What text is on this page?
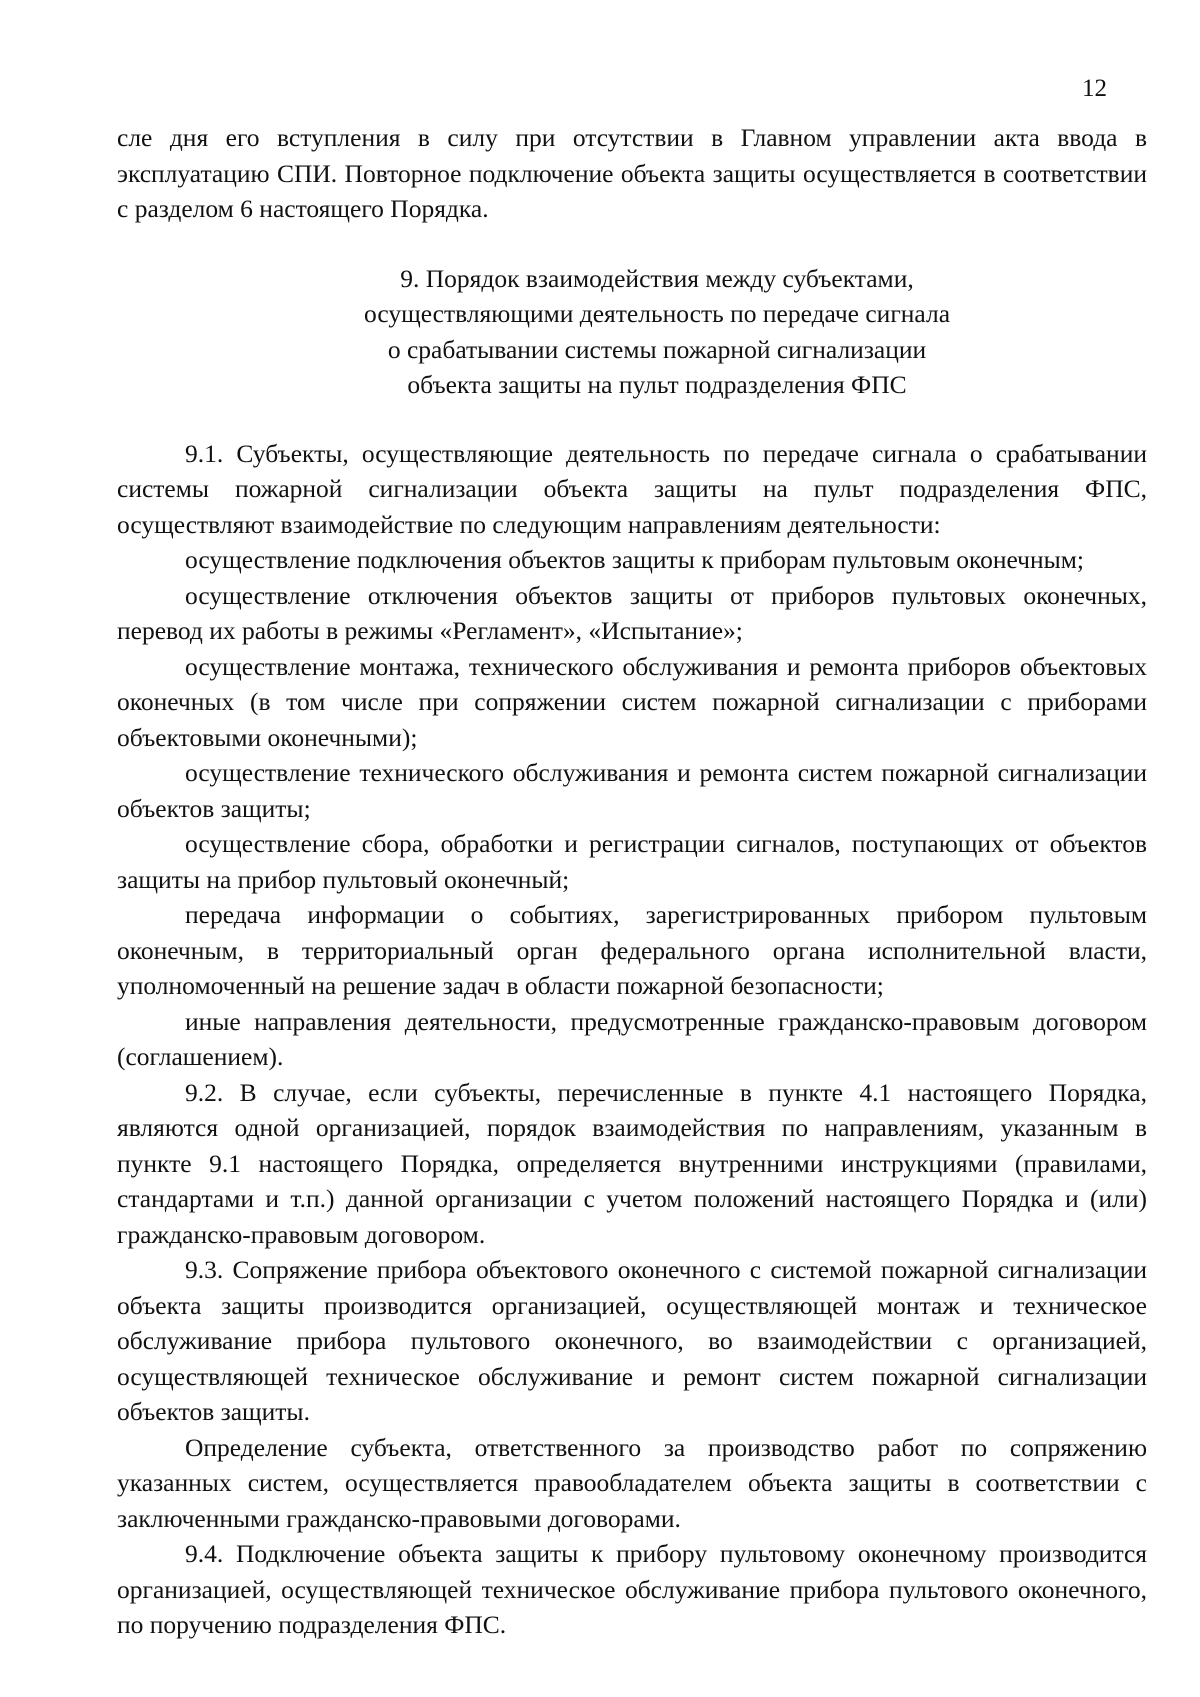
12

сле дня его вступления в силу при отсутствии в Главном управлении акта ввода в эксплуатацию СПИ. Повторное подключение объекта защиты осуществляется в соответствии с разделом 6 настоящего Порядка.

9. Порядок взаимодействия между субъектами,
осуществляющими деятельность по передаче сигнала
о срабатывании системы пожарной сигнализации
объекта защиты на пульт подразделения ФПС

9.1. Субъекты, осуществляющие деятельность по передаче сигнала о срабатывании системы пожарной сигнализации объекта защиты на пульт подразделения ФПС, осуществляют взаимодействие по следующим направлениям деятельности:

осуществление подключения объектов защиты к приборам пультовым оконечным;

осуществление отключения объектов защиты от приборов пультовых оконечных, перевод их работы в режимы «Регламент», «Испытание»;

осуществление монтажа, технического обслуживания и ремонта приборов объектовых оконечных (в том числе при сопряжении систем пожарной сигнализации с приборами объектовыми оконечными);

осуществление технического обслуживания и ремонта систем пожарной сигнализации объектов защиты;

осуществление сбора, обработки и регистрации сигналов, поступающих от объектов защиты на прибор пультовый оконечный;

передача информации о событиях, зарегистрированных прибором пультовым оконечным, в территориальный орган федерального органа исполнительной власти, уполномоченный на решение задач в области пожарной безопасности;

иные направления деятельности, предусмотренные гражданско-правовым договором (соглашением).

9.2. В случае, если субъекты, перечисленные в пункте 4.1 настоящего Порядка, являются одной организацией, порядок взаимодействия по направлениям, указанным в пункте 9.1 настоящего Порядка, определяется внутренними инструкциями (правилами, стандартами и т.п.) данной организации с учетом положений настоящего Порядка и (или) гражданско-правовым договором.

9.3. Сопряжение прибора объектового оконечного с системой пожарной сигнализации объекта защиты производится организацией, осуществляющей монтаж и техническое обслуживание прибора пультового оконечного, во взаимодействии с организацией, осуществляющей техническое обслуживание и ремонт систем пожарной сигнализации объектов защиты.

Определение субъекта, ответственного за производство работ по сопряжению указанных систем, осуществляется правообладателем объекта защиты в соответствии с заключенными гражданско-правовыми договорами.

9.4. Подключение объекта защиты к прибору пультовому оконечному производится организацией, осуществляющей техническое обслуживание прибора пультового оконечного, по поручению подразделения ФПС.
